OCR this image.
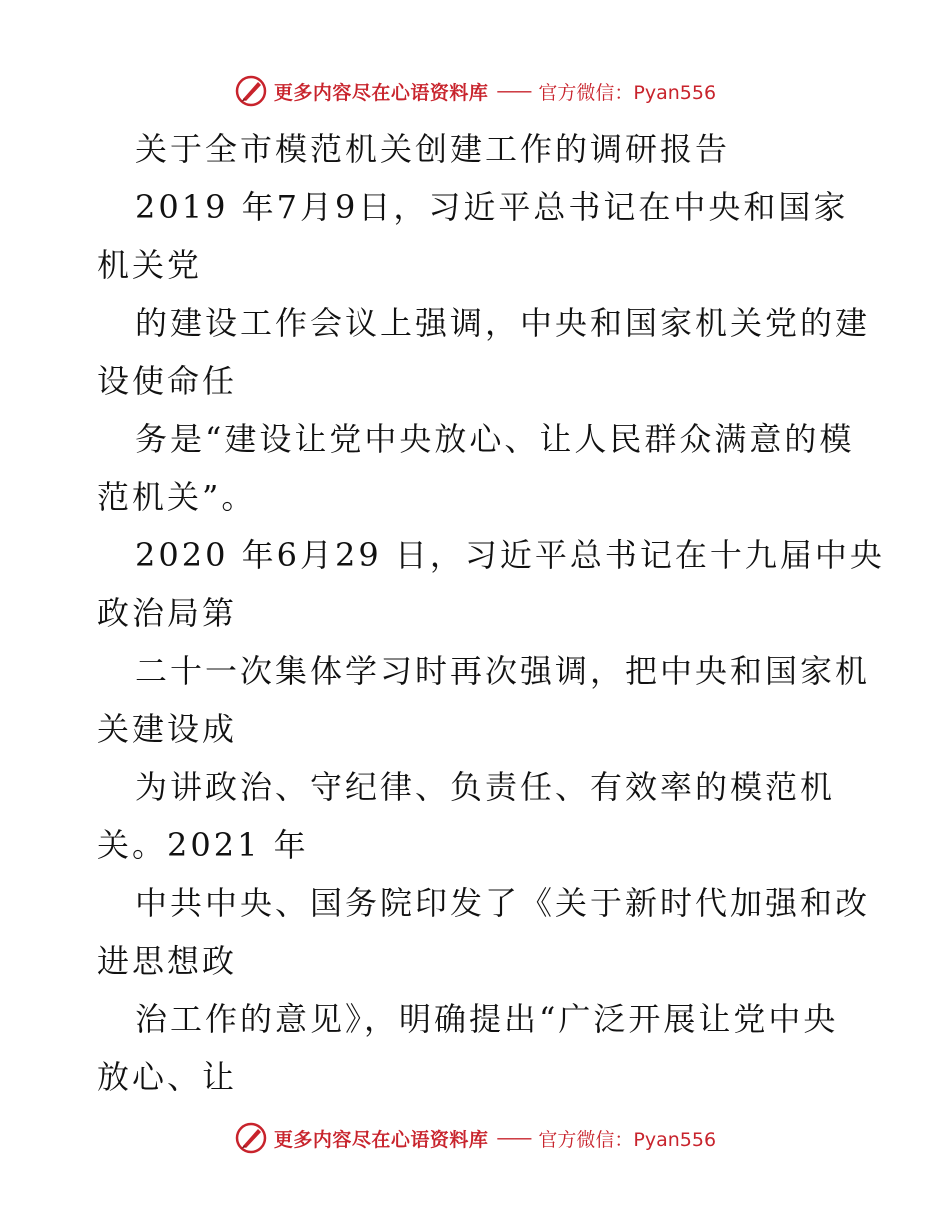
更多内容尽在心语资料库 —— 官方微信：Pyan556
关于全市模范机关创建工作的调研报告
2019 年7月9日，习近平总书记在中央和国家
机关党
的建设工作会议上强调，中央和国家机关党的建
设使命任
务是“建设让党中央放心、让人民群众满意的模
范机关”。
2020 年6月29 日，习近平总书记在十九届中央
政治局第
二十一次集体学习时再次强调，把中央和国家机
关建设成
为讲政治、守纪律、负责任、有效率的模范机
关。2021 年
中共中央、国务院印发了《关于新时代加强和改
进思想政
治工作的意见》，明确提出“广泛开展让党中央
放心、让
更多内容尽在心语资料库 —— 官方微信：Pyan556
